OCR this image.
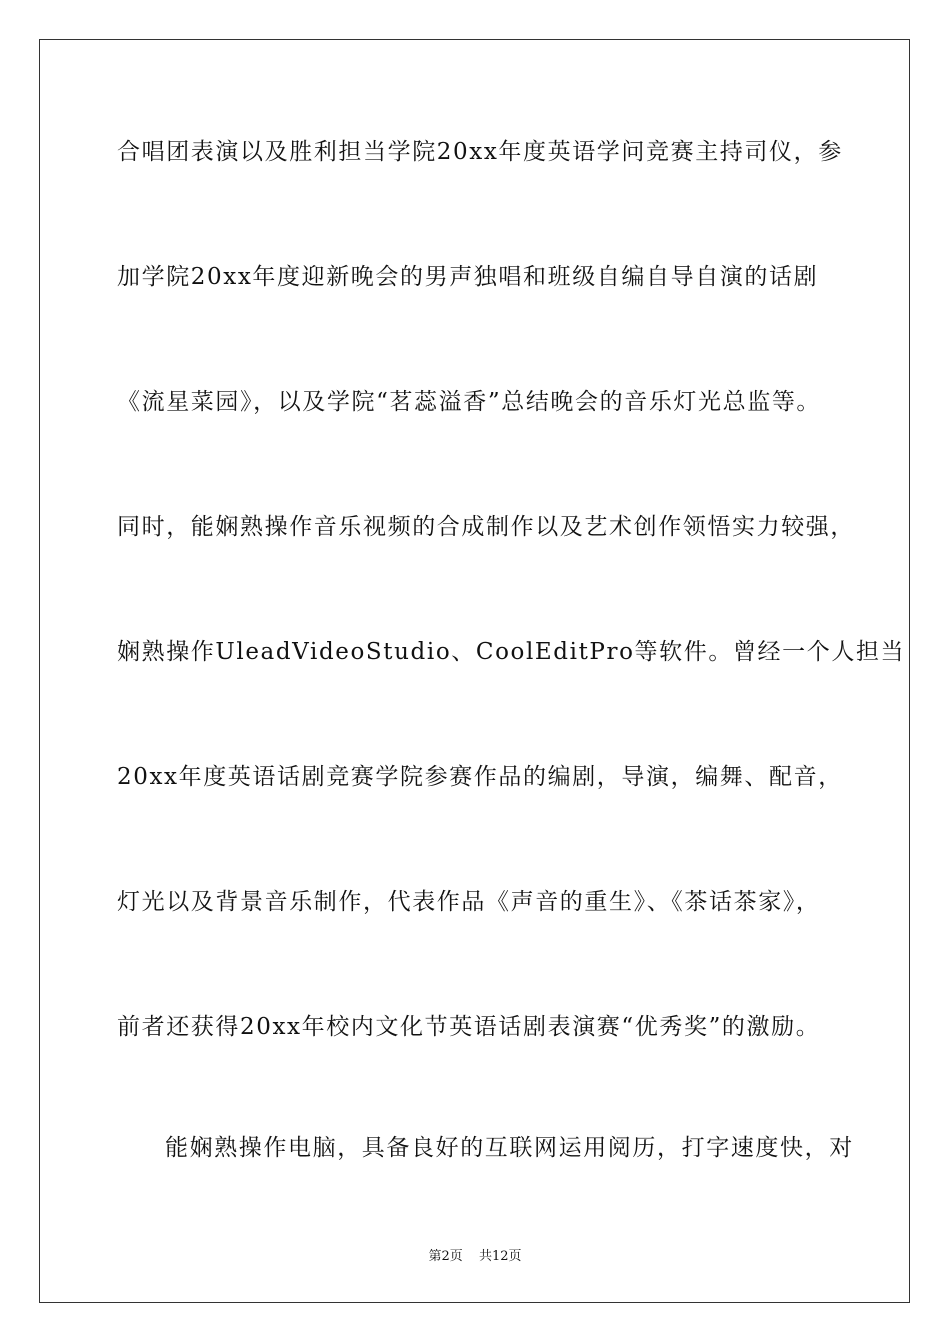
合唱团表演以及胜利担当学院20xx年度英语学问竞赛主持司仪，参
加学院20xx年度迎新晚会的男声独唱和班级自编自导自演的话剧
《流星菜园》，以及学院“茗蕊溢香”总结晚会的音乐灯光总监等。
同时，能娴熟操作音乐视频的合成制作以及艺术创作领悟实力较强，
娴熟操作UleadVideoStudio、CoolEditPro等软件。曾经一个人担当
20xx年度英语话剧竞赛学院参赛作品的编剧，导演，编舞、配音，
灯光以及背景音乐制作，代表作品《声音的重生》、《茶话茶家》，
前者还获得20xx年校内文化节英语话剧表演赛“优秀奖”的激励。
能娴熟操作电脑，具备良好的互联网运用阅历，打字速度快，对
第2页 共12页
